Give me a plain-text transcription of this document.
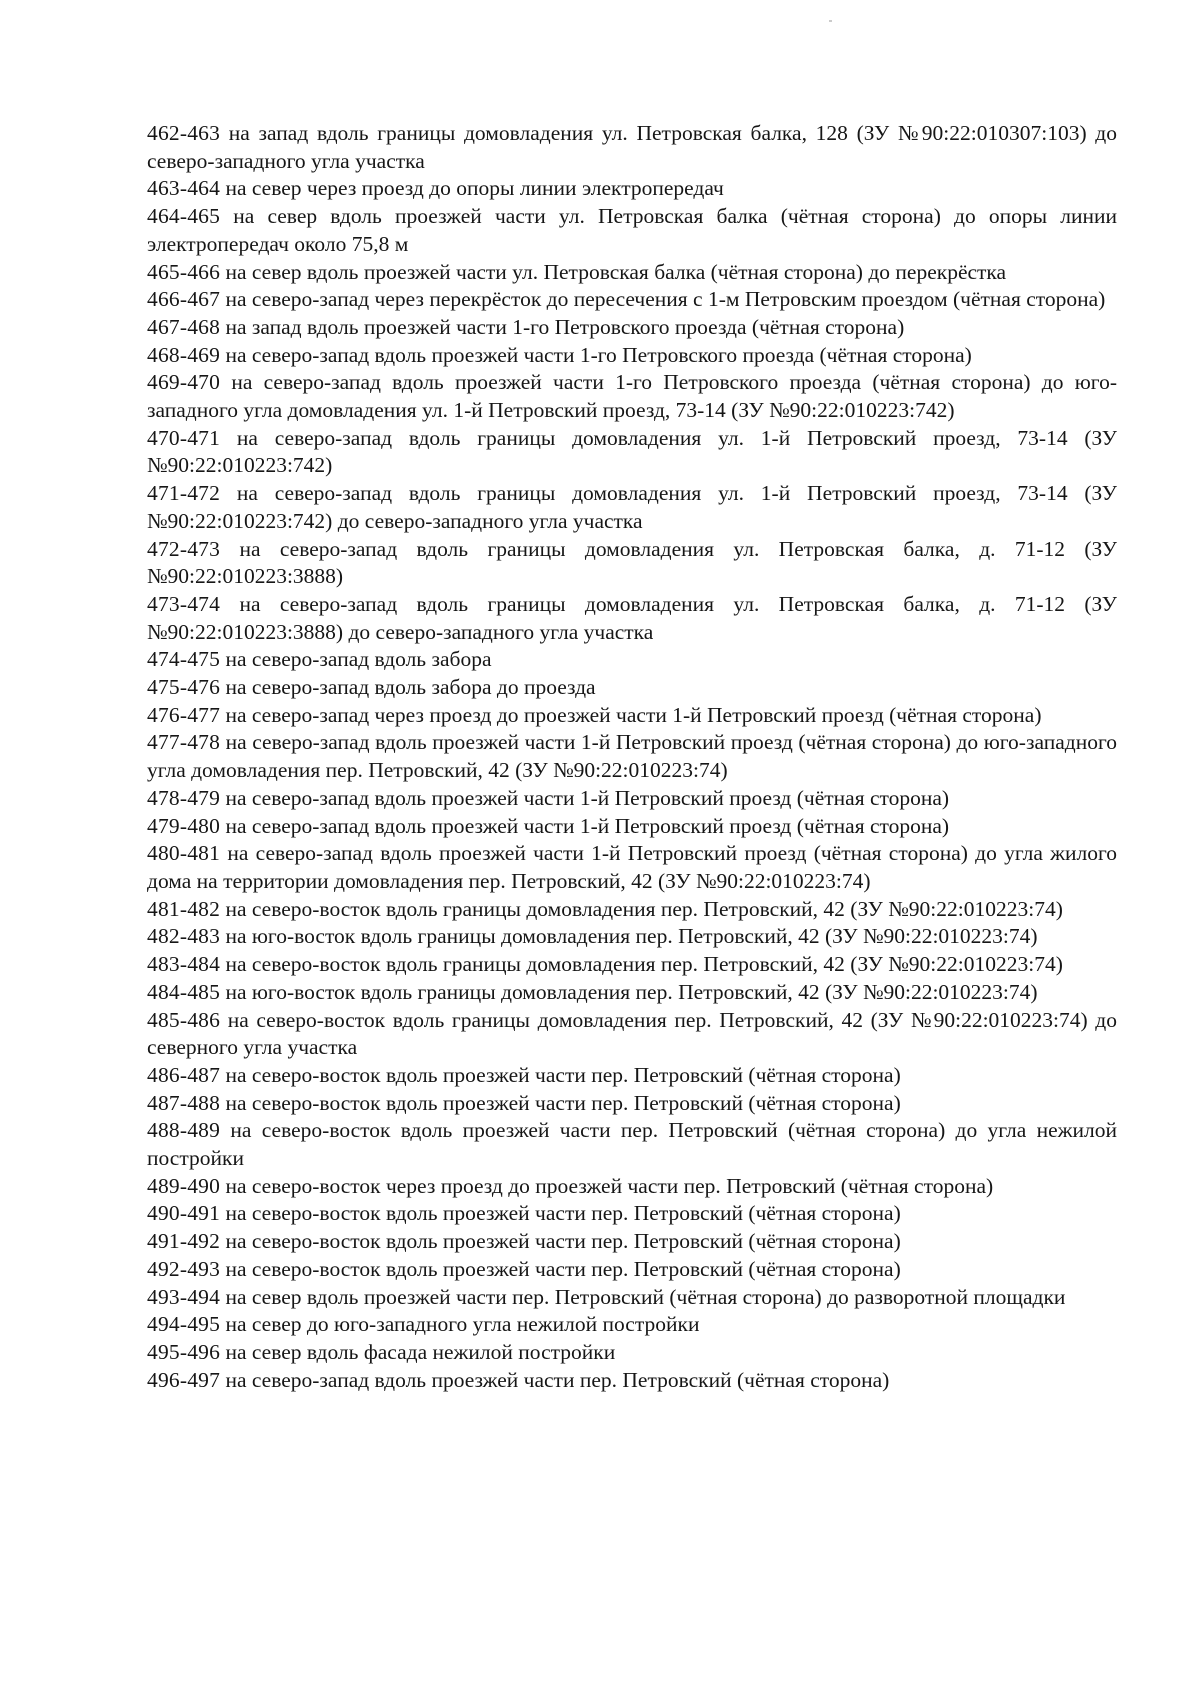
462-463 на запад вдоль границы домовладения ул. Петровская балка, 128 (ЗУ №90:22:010307:103) до северо-западного угла участка

463-464 на север через проезд до опоры линии электропередач

464-465 на север вдоль проезжей части ул. Петровская балка (чётная сторона) до опоры линии электропередач около 75,8 м

465-466 на север вдоль проезжей части ул. Петровская балка (чётная сторона) до перекрёстка

466-467 на северо-запад через перекрёсток до пересечения с 1-м Петровским проездом (чётная сторона)

467-468 на запад вдоль проезжей части 1-го Петровского проезда (чётная сторона)

468-469 на северо-запад вдоль проезжей части 1-го Петровского проезда (чётная сторона)

469-470 на северо-запад вдоль проезжей части 1-го Петровского проезда (чётная сторона) до юго-западного угла домовладения ул. 1-й Петровский проезд, 73-14 (ЗУ №90:22:010223:742)

470-471 на северо-запад вдоль границы домовладения ул. 1-й Петровский проезд, 73-14 (ЗУ №90:22:010223:742)

471-472 на северо-запад вдоль границы домовладения ул. 1-й Петровский проезд, 73-14 (ЗУ №90:22:010223:742) до северо-западного угла участка

472-473 на северо-запад вдоль границы домовладения ул. Петровская балка, д. 71-12 (ЗУ №90:22:010223:3888)

473-474 на северо-запад вдоль границы домовладения ул. Петровская балка, д. 71-12 (ЗУ №90:22:010223:3888) до северо-западного угла участка

474-475 на северо-запад вдоль забора

475-476 на северо-запад вдоль забора до проезда

476-477 на северо-запад через проезд до проезжей части 1-й Петровский проезд (чётная сторона)

477-478 на северо-запад вдоль проезжей части 1-й Петровский проезд (чётная сторона) до юго-западного угла домовладения пер. Петровский, 42 (ЗУ №90:22:010223:74)

478-479 на северо-запад вдоль проезжей части 1-й Петровский проезд (чётная сторона)

479-480 на северо-запад вдоль проезжей части 1-й Петровский проезд (чётная сторона)

480-481 на северо-запад вдоль проезжей части 1-й Петровский проезд (чётная сторона) до угла жилого дома на территории домовладения пер. Петровский, 42 (ЗУ №90:22:010223:74)

481-482 на северо-восток вдоль границы домовладения пер. Петровский, 42 (ЗУ №90:22:010223:74)

482-483 на юго-восток вдоль границы домовладения пер. Петровский, 42 (ЗУ №90:22:010223:74)

483-484 на северо-восток вдоль границы домовладения пер. Петровский, 42 (ЗУ №90:22:010223:74)

484-485 на юго-восток вдоль границы домовладения пер. Петровский, 42 (ЗУ №90:22:010223:74)

485-486 на северо-восток вдоль границы домовладения пер. Петровский, 42 (ЗУ №90:22:010223:74) до северного угла участка

486-487 на северо-восток вдоль проезжей части пер. Петровский (чётная сторона)

487-488 на северо-восток вдоль проезжей части пер. Петровский (чётная сторона)

488-489 на северо-восток вдоль проезжей части пер. Петровский (чётная сторона) до угла нежилой постройки

489-490 на северо-восток через проезд до проезжей части пер. Петровский (чётная сторона)

490-491 на северо-восток вдоль проезжей части пер. Петровский (чётная сторона)

491-492 на северо-восток вдоль проезжей части пер. Петровский (чётная сторона)

492-493 на северо-восток вдоль проезжей части пер. Петровский (чётная сторона)

493-494 на север вдоль проезжей части пер. Петровский (чётная сторона) до разворотной площадки

494-495 на север до юго-западного угла нежилой постройки

495-496 на север вдоль фасада нежилой постройки

496-497 на северо-запад вдоль проезжей части пер. Петровский (чётная сторона)
